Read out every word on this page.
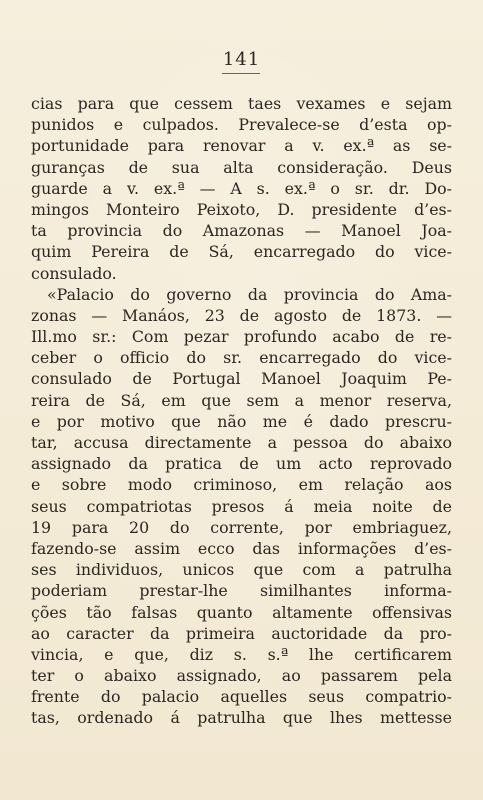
141
cias para que cessem taes vexames e sejam
punidos e culpados. Prevalece-se d’esta op-
portunidade para renovar a v. ex.ª as se-
guranças de sua alta consideração. Deus
guarde a v. ex.ª — A s. ex.ª o sr. dr. Do-
mingos Monteiro Peixoto, D. presidente d’es-
ta provincia do Amazonas — Manoel Joa-
quim Pereira de Sá, encarregado do vice-
consulado.
«Palacio do governo da provincia do Ama-
zonas — Manáos, 23 de agosto de 1873. —
Ill.mo sr.: Com pezar profundo acabo de re-
ceber o officio do sr. encarregado do vice-
consulado de Portugal Manoel Joaquim Pe-
reira de Sá, em que sem a menor reserva,
e por motivo que não me é dado prescru-
tar, accusa directamente a pessoa do abaixo
assignado da pratica de um acto reprovado
e sobre modo criminoso, em relação aos
seus compatriotas presos á meia noite de
19 para 20 do corrente, por embriaguez,
fazendo-se assim ecco das informações d’es-
ses individuos, unicos que com a patrulha
poderiam prestar-lhe similhantes informa-
ções tão falsas quanto altamente offensivas
ao caracter da primeira auctoridade da pro-
vincia, e que, diz s. s.ª lhe certificarem
ter o abaixo assignado, ao passarem pela
frente do palacio aquelles seus compatrio-
tas, ordenado á patrulha que lhes mettesse
